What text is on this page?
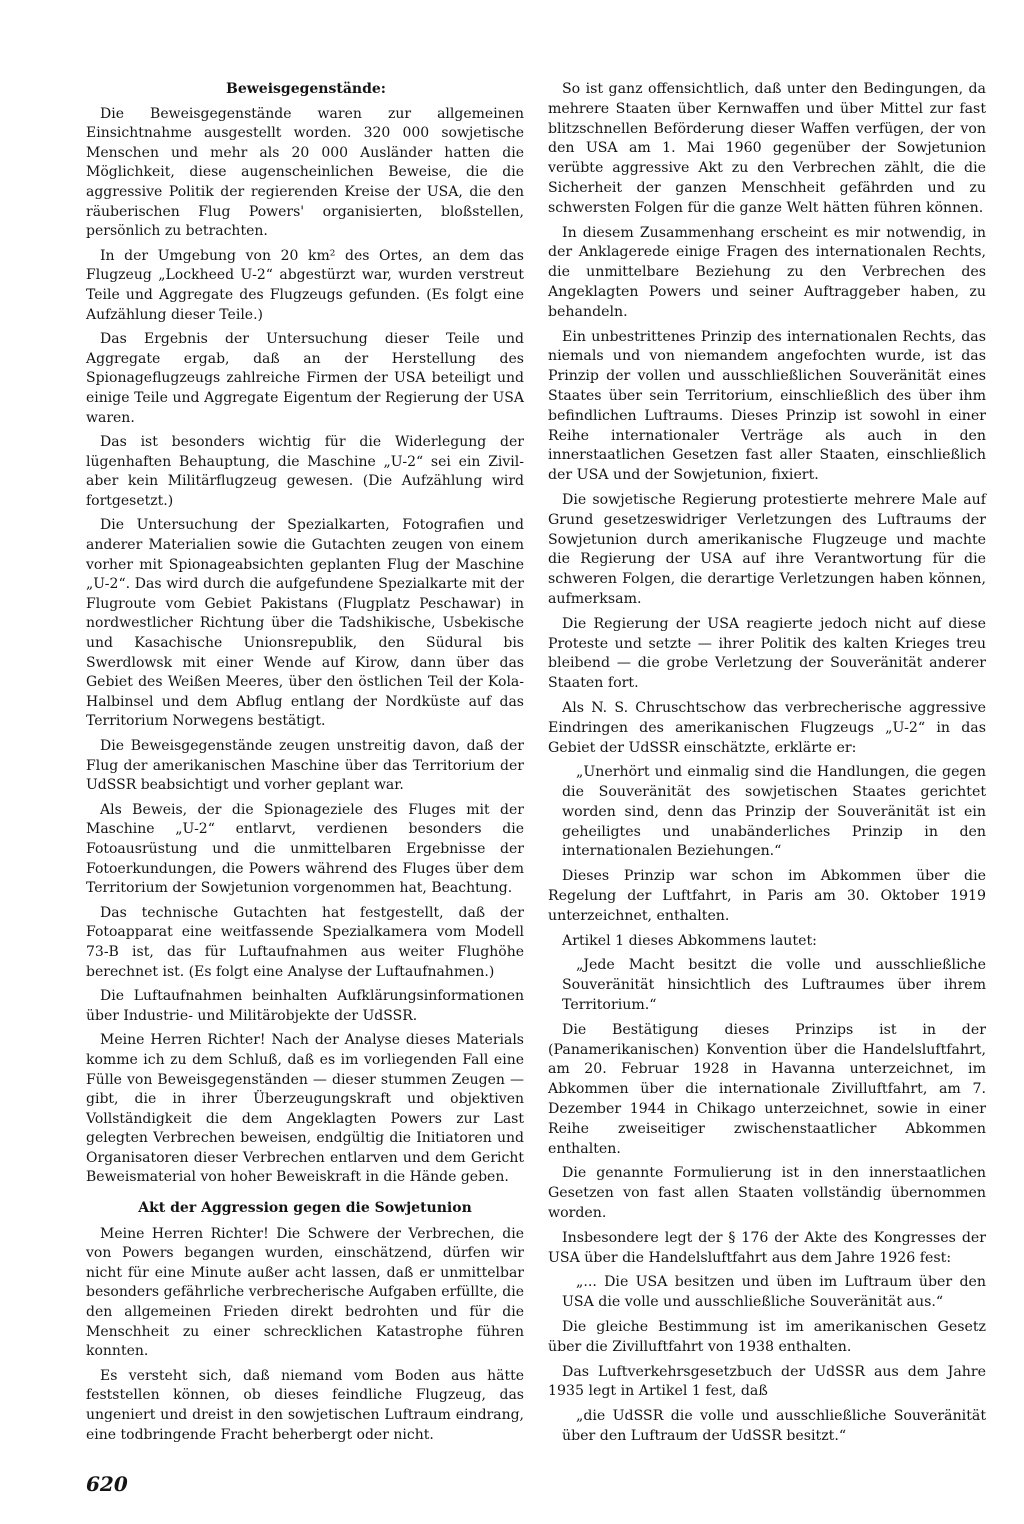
Beweisgegenstände:

Die Beweisgegenstände waren zur allgemeinen Einsichtnahme ausgestellt worden. 320 000 sowjetische Menschen und mehr als 20 000 Ausländer hatten die Möglichkeit, diese augenscheinlichen Beweise, die die aggressive Politik der regierenden Kreise der USA, die den räuberischen Flug Powers' organisierten, bloßstellen, persönlich zu betrachten.

In der Umgebung von 20 km² des Ortes, an dem das Flugzeug „Lockheed U-2“ abgestürzt war, wurden verstreut Teile und Aggregate des Flugzeugs gefunden. (Es folgt eine Aufzählung dieser Teile.)

Das Ergebnis der Untersuchung dieser Teile und Aggregate ergab, daß an der Herstellung des Spionageflugzeugs zahlreiche Firmen der USA beteiligt und einige Teile und Aggregate Eigentum der Regierung der USA waren.

Das ist besonders wichtig für die Widerlegung der lügenhaften Behauptung, die Maschine „U-2“ sei ein Zivil- aber kein Militärflugzeug gewesen. (Die Aufzählung wird fortgesetzt.)

Die Untersuchung der Spezialkarten, Fotografien und anderer Materialien sowie die Gutachten zeugen von einem vorher mit Spionageabsichten geplanten Flug der Maschine „U-2“. Das wird durch die aufgefundene Spezialkarte mit der Flugroute vom Gebiet Pakistans (Flugplatz Peschawar) in nordwestlicher Richtung über die Tadshikische, Usbekische und Kasachische Unionsrepublik, den Südural bis Swerdlowsk mit einer Wende auf Kirow, dann über das Gebiet des Weißen Meeres, über den östlichen Teil der Kola-Halbinsel und dem Abflug entlang der Nordküste auf das Territorium Norwegens bestätigt.

Die Beweisgegenstände zeugen unstreitig davon, daß der Flug der amerikanischen Maschine über das Territorium der UdSSR beabsichtigt und vorher geplant war.

Als Beweis, der die Spionageziele des Fluges mit der Maschine „U-2“ entlarvt, verdienen besonders die Fotoausrüstung und die unmittelbaren Ergebnisse der Fotoerkundungen, die Powers während des Fluges über dem Territorium der Sowjetunion vorgenommen hat, Beachtung.

Das technische Gutachten hat festgestellt, daß der Fotoapparat eine weitfassende Spezialkamera vom Modell 73-B ist, das für Luftaufnahmen aus weiter Flughöhe berechnet ist. (Es folgt eine Analyse der Luftaufnahmen.)

Die Luftaufnahmen beinhalten Aufklärungsinformationen über Industrie- und Militärobjekte der UdSSR.

Meine Herren Richter! Nach der Analyse dieses Materials komme ich zu dem Schluß, daß es im vorliegenden Fall eine Fülle von Beweisgegenständen — dieser stummen Zeugen — gibt, die in ihrer Überzeugungskraft und objektiven Vollständigkeit die dem Angeklagten Powers zur Last gelegten Verbrechen beweisen, endgültig die Initiatoren und Organisatoren dieser Verbrechen entlarven und dem Gericht Beweismaterial von hoher Beweiskraft in die Hände geben.

Akt der Aggression gegen die Sowjetunion

Meine Herren Richter! Die Schwere der Verbrechen, die von Powers begangen wurden, einschätzend, dürfen wir nicht für eine Minute außer acht lassen, daß er unmittelbar besonders gefährliche verbrecherische Aufgaben erfüllte, die den allgemeinen Frieden direkt bedrohten und für die Menschheit zu einer schrecklichen Katastrophe führen konnten.

Es versteht sich, daß niemand vom Boden aus hätte feststellen können, ob dieses feindliche Flugzeug, das ungeniert und dreist in den sowjetischen Luftraum eindrang, eine todbringende Fracht beherbergt oder nicht.

So ist ganz offensichtlich, daß unter den Bedingungen, da mehrere Staaten über Kernwaffen und über Mittel zur fast blitzschnellen Beförderung dieser Waffen verfügen, der von den USA am 1. Mai 1960 gegenüber der Sowjetunion verübte aggressive Akt zu den Verbrechen zählt, die die Sicherheit der ganzen Menschheit gefährden und zu schwersten Folgen für die ganze Welt hätten führen können.

In diesem Zusammenhang erscheint es mir notwendig, in der Anklagerede einige Fragen des internationalen Rechts, die unmittelbare Beziehung zu den Verbrechen des Angeklagten Powers und seiner Auftraggeber haben, zu behandeln.

Ein unbestrittenes Prinzip des internationalen Rechts, das niemals und von niemandem angefochten wurde, ist das Prinzip der vollen und ausschließlichen Souveränität eines Staates über sein Territorium, einschließlich des über ihm befindlichen Luftraums. Dieses Prinzip ist sowohl in einer Reihe internationaler Verträge als auch in den innerstaatlichen Gesetzen fast aller Staaten, einschließlich der USA und der Sowjetunion, fixiert.

Die sowjetische Regierung protestierte mehrere Male auf Grund gesetzeswidriger Verletzungen des Luftraums der Sowjetunion durch amerikanische Flugzeuge und machte die Regierung der USA auf ihre Verantwortung für die schweren Folgen, die derartige Verletzungen haben können, aufmerksam.

Die Regierung der USA reagierte jedoch nicht auf diese Proteste und setzte — ihrer Politik des kalten Krieges treu bleibend — die grobe Verletzung der Souveränität anderer Staaten fort.

Als N. S. Chruschtschow das verbrecherische aggressive Eindringen des amerikanischen Flugzeugs „U-2“ in das Gebiet der UdSSR einschätzte, erklärte er:

„Unerhört und einmalig sind die Handlungen, die gegen die Souveränität des sowjetischen Staates gerichtet worden sind, denn das Prinzip der Souveränität ist ein geheiligtes und unabänderliches Prinzip in den internationalen Beziehungen.“

Dieses Prinzip war schon im Abkommen über die Regelung der Luftfahrt, in Paris am 30. Oktober 1919 unterzeichnet, enthalten.

Artikel 1 dieses Abkommens lautet:

„Jede Macht besitzt die volle und ausschließliche Souveränität hinsichtlich des Luftraumes über ihrem Territorium.“

Die Bestätigung dieses Prinzips ist in der (Panamerikanischen) Konvention über die Handelsluftfahrt, am 20. Februar 1928 in Havanna unterzeichnet, im Abkommen über die internationale Zivilluftfahrt, am 7. Dezember 1944 in Chikago unterzeichnet, sowie in einer Reihe zweiseitiger zwischenstaatlicher Abkommen enthalten.

Die genannte Formulierung ist in den innerstaatlichen Gesetzen von fast allen Staaten vollständig übernommen worden.

Insbesondere legt der § 176 der Akte des Kongresses der USA über die Handelsluftfahrt aus dem Jahre 1926 fest:

„... Die USA besitzen und üben im Luftraum über den USA die volle und ausschließliche Souveränität aus.“

Die gleiche Bestimmung ist im amerikanischen Gesetz über die Zivilluftfahrt von 1938 enthalten.

Das Luftverkehrsgesetzbuch der UdSSR aus dem Jahre 1935 legt in Artikel 1 fest, daß

„die UdSSR die volle und ausschließliche Souveränität über den Luftraum der UdSSR besitzt.“

620
